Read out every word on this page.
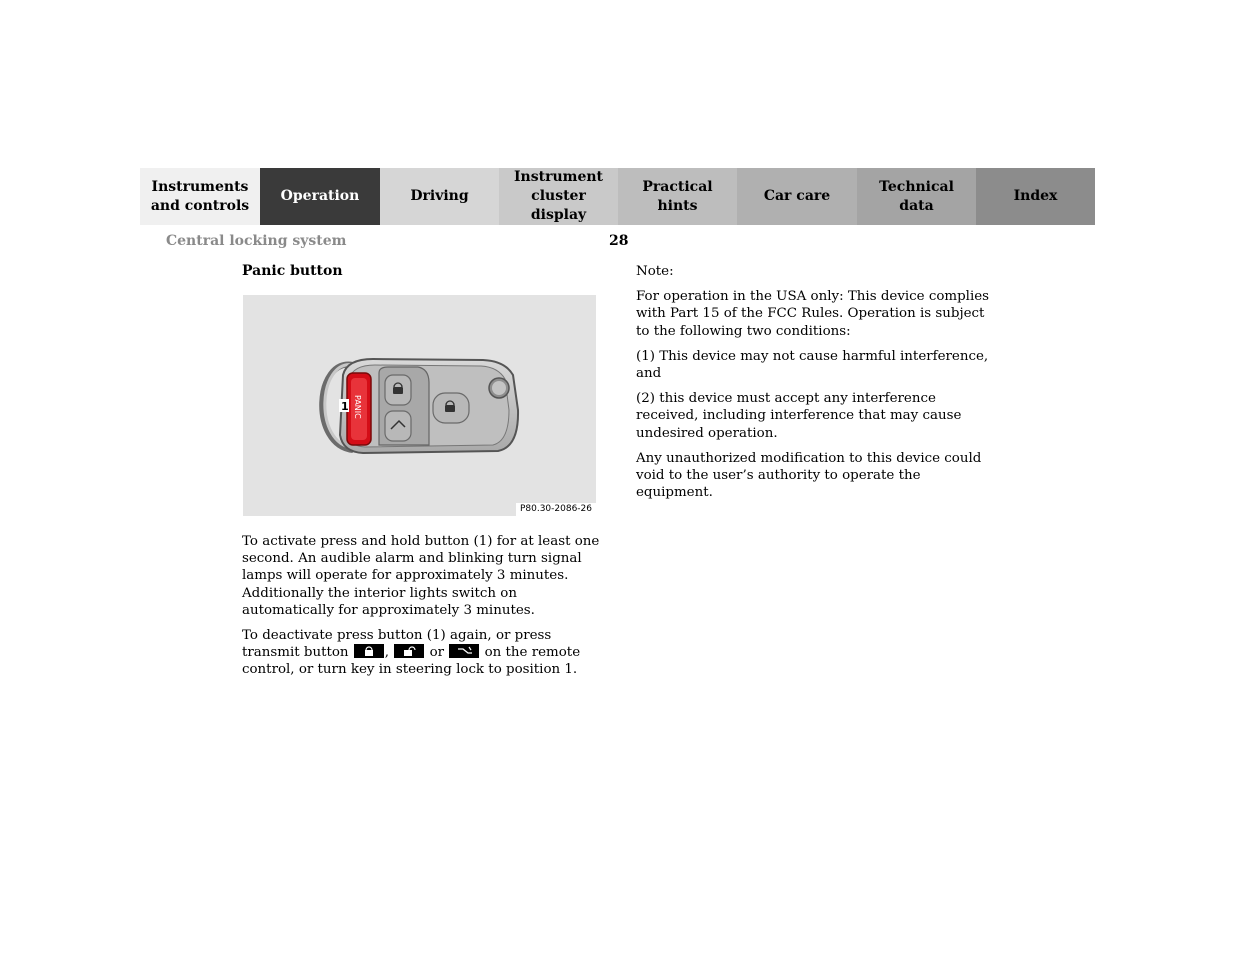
Instruments
and controls
Operation	Driving
Instrument
cluster display
Practical hints
Car care
Technical
data
Index
Central locking system	28
Panic button
PANIC
1
P80.30-2086-26

To activate press and hold button (1) for at least one second. An audible alarm and blinking turn signal lamps will operate for approximately 3 minutes. Additionally the interior lights switch on automatically for approximately 3 minutes.

To deactivate press button (1) again, or press transmit button	,	or	on the remote control, or turn key in steering lock to position 1.

Note:

For operation in the USA only: This device complies with Part 15 of the FCC Rules. Operation is subject to the following two conditions:

(1) This device may not cause harmful interference, and

(2) this device must accept any interference received, including interference that may cause undesired operation.

Any unauthorized modification to this device could void to the user’s authority to operate the equipment.
